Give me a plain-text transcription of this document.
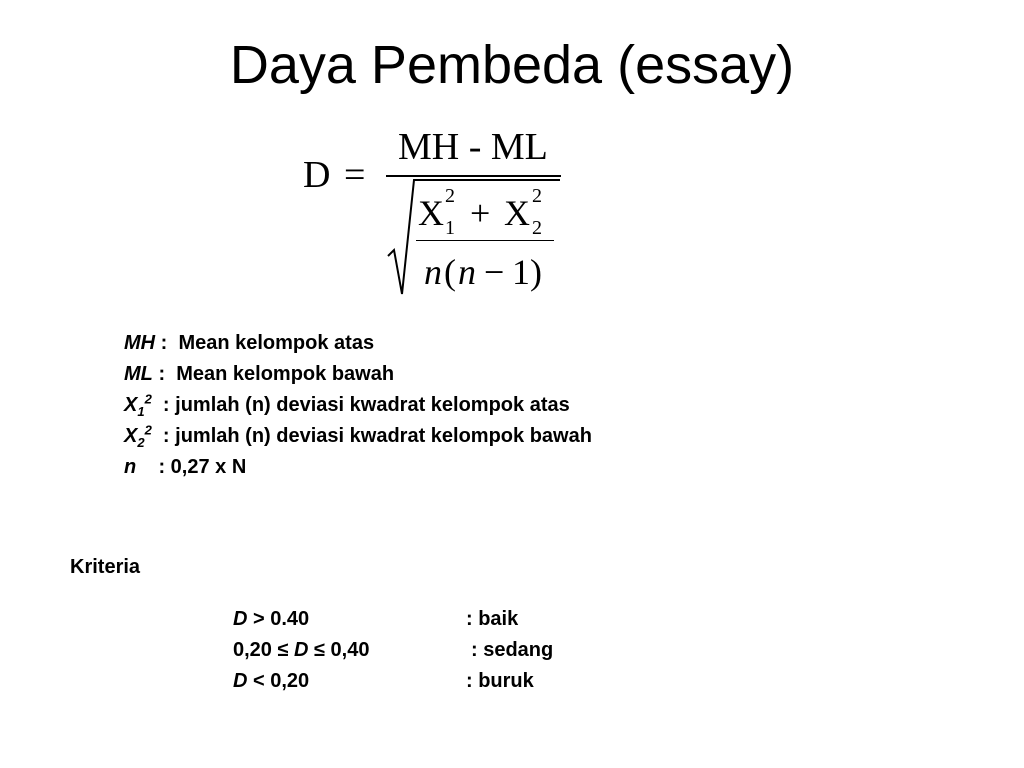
Daya Pembeda (essay)
D =
MH - ML
X 2
1 + X 2
2
n ( n − 1 )
MH :  Mean kelompok atas
ML :  Mean kelompok bawah
$X_1^2$  : jumlah (n) deviasi kwadrat kelompok atas
$X_2^2$  : jumlah (n) deviasi kwadrat kelompok bawah
n    : 0,27 x N
Kriteria
D > 0.40	: baik
0,20 ≤ D ≤ 0,40	: sedang
D < 0,20	: buruk
